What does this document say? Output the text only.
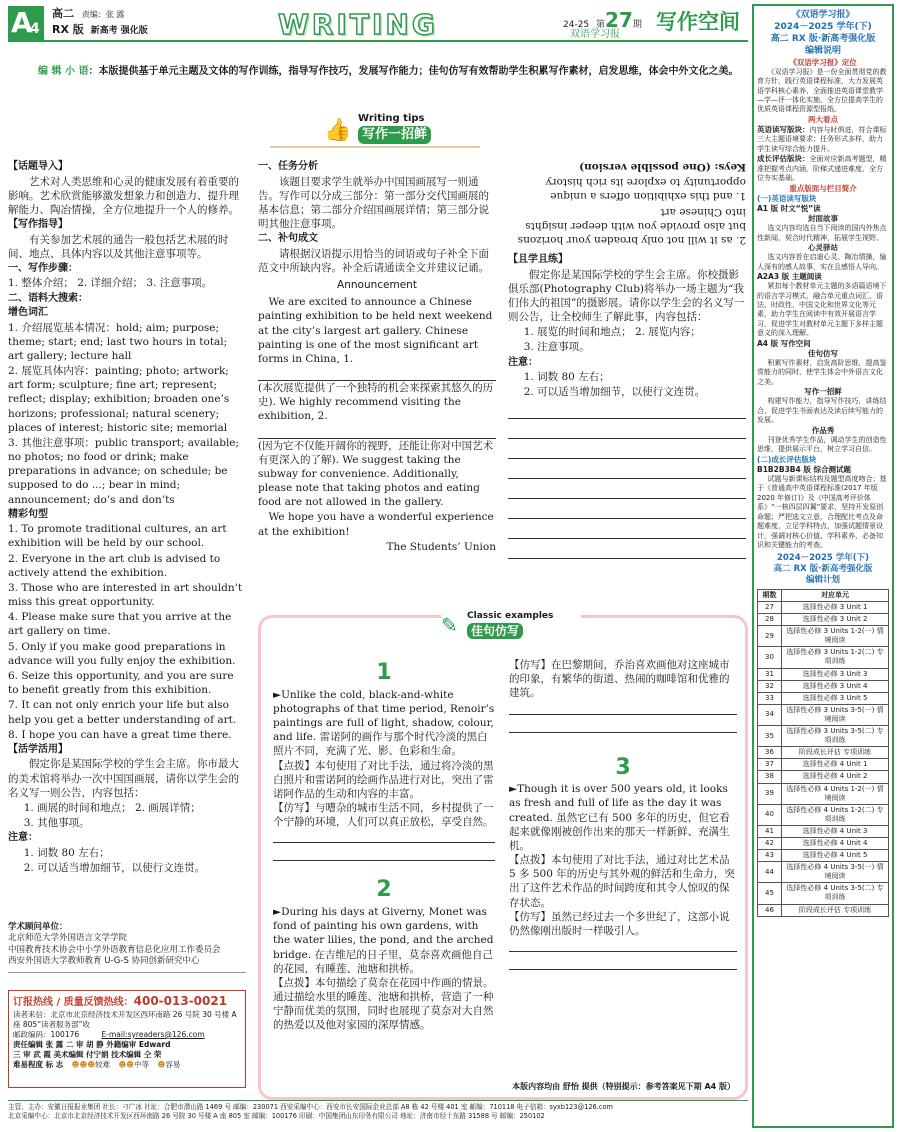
A
4
高二 责编：张 露
RX 版 新高考 强化版	WRITING	24-25 第27期
双语学习报
写作空间
编 辑 小 语：本版提供基于单元主题及文体的写作训练，指导写作技巧，发展写作能力；佳句仿写有效帮助学生积累写作素材，启发思维，体会中外文化之美。
👍 Writing tips
写作一招鲜

【话题导入】

艺术对人类思维和心灵的健康发展有着重要的影响。艺术欣赏能够激发想象力和创造力、提升理解能力、陶冶情操，全方位地提升一个人的修养。

【写作指导】

有关参加艺术展的通告一般包括艺术展的时间、地点、具体内容以及其他注意事项等。

一、写作步骤：

1. 整体介绍； 2. 详细介绍； 3. 注意事项。

二、语料大搜索：

增色词汇

1. 介绍展览基本情况：hold; aim; purpose; theme; start; end; last two hours in total; art gallery; lecture hall

2. 展览具体内容：painting; photo; artwork; art form; sculpture; fine art; represent; reflect; display; exhibition; broaden one’s horizons; professional; natural scenery; places of interest; historic site; memorial

3. 其他注意事项：public transport; available; no photos; no food or drink; make preparations in advance; on schedule; be supposed to do ...; bear in mind; announcement; do’s and don’ts

精彩句型

1. To promote traditional cultures, an art exhibition will be held by our school.

2. Everyone in the art club is advised to actively attend the exhibition.

3. Those who are interested in art shouldn’t miss this great opportunity.

4. Please make sure that you arrive at the art gallery on time.

5. Only if you make good preparations in advance will you fully enjoy the exhibition.

6. Seize this opportunity, and you are sure to benefit greatly from this exhibition.

7. It can not only enrich your life but also help you get a better understanding of art.

8. I hope you can have a great time there.

【活学活用】

假定你是某国际学校的学生会主席。你市最大的美术馆将举办一次中国国画展，请你以学生会的名义写一则公告，内容包括：

1. 画展的时间和地点； 2. 画展详情；

3. 其他事项。

注意：

1. 词数 80 左右；

2. 可以适当增加细节，以使行文连贯。

一、任务分析

该题目要求学生就举办中国国画展写一则通告。写作可以分成三部分：第一部分交代国画展的基本信息；第二部分介绍国画展详情；第三部分说明其他注意事项。

二、补句成文

请根据汉语提示用恰当的词语或句子补全下面范文中所缺内容。补全后请通读全文并建议记诵。

Announcement

We are excited to announce a Chinese painting exhibition to be held next weekend at the city’s largest art gallery. Chinese painting is one of the most significant art forms in China, 1.

(本次展览提供了一个独特的机会来探索其悠久的历史). We highly recommend visiting the exhibition, 2.

(因为它不仅能开阔你的视野，还能让你对中国艺术有更深入的了解). We suggest taking the subway for convenience. Additionally, please note that taking photos and eating food are not allowed in the gallery.

We hope you have a wonderful experience at the exhibition!

The Students’ Union

2. as it will not only broaden your horizons but also provide you with deeper insights into Chinese art

1. and this exhibition offers a unique opportunity to explore its rich history

Keys: (One possible version)

【且学且练】

假定你是某国际学校的学生会主席。你校摄影俱乐部(Photography Club)将举办一场主题为“我们伟大的祖国”的摄影展。请你以学生会的名义写一则公告，让全校师生了解此事，内容包括：

1. 展览的时间和地点； 2. 展览内容；

3. 注意事项。

注意：

1. 词数 80 左右；

2. 可以适当增加细节，以使行文连贯。

学术顾问单位：

北京师范大学外国语言文学学院

中国教育技术协会中小学外语教育信息化应用工作委员会

西安外国语大学教师教育 U-G-S 协同创新研究中心

订报热线 / 质量反馈热线：400-013-0021

读者来信：北京市北京经济技术开发区西环南路 26 号院 30 号楼 A 座 805“读者服务部”收

邮政编码：100176	E-mail:syreaders@126.com

责任编辑 张 露 二 审 胡 静 外籍编审 Edward

三 审 武 霞 美术编辑 付宁娟 技术编辑 仝 荣

难易程度 标 志 ☻☻☻较难 ☻☻中等 ☻容易

✎ Classic examples
佳句仿写
1

►Unlike the cold, black-and-white photographs of that time period, Renoir’s paintings are full of light, shadow, colour, and life. 雷诺阿的画作与那个时代冷淡的黑白照片不同，充满了光、影、色彩和生命。

【点拨】本句使用了对比手法，通过将冷淡的黑白照片和雷诺阿的绘画作品进行对比，突出了雷诺阿作品的生动和内容的丰富。

【仿写】与嘈杂的城市生活不同，乡村提供了一个宁静的环境，人们可以真正放松，享受自然。

2

►During his days at Giverny, Monet was fond of painting his own gardens, with the water lilies, the pond, and the arched bridge. 在吉维尼的日子里，莫奈喜欢画他自己的花园，有睡莲、池塘和拱桥。

【点拨】本句描绘了莫奈在花园中作画的情景。通过描绘水里的睡莲、池塘和拱桥，营造了一种宁静而优美的氛围，同时也展现了莫奈对大自然的热爱以及他对家园的深厚情感。

【仿写】在巴黎期间，乔治喜欢画他对这座城市的印象，有繁华的街道、热闹的咖啡馆和优雅的建筑。

3

►Though it is over 500 years old, it looks as fresh and full of life as the day it was created. 虽然它已有 500 多年的历史，但它看起来就像刚被创作出来的那天一样新鲜、充满生机。

【点拨】本句使用了对比手法，通过对比艺术品 5 多 500 年的历史与其外观的鲜活和生命力，突出了这件艺术作品的时间跨度和其令人惊叹的保存状态。

【仿写】虽然已经过去一个多世纪了，这部小说仍然像刚出版时一样吸引人。

本版内容均由 舒怡 提供（特别提示：参考答案见下期 A4 版）

主管、主办：安徽日报报业集团 社长：刁广冰 社址：合肥市潜山路 1469 号 邮编：230071 西安采编中心：西安市长安国际企业总部 A8 栋 42 号楼 401 室 邮编：710118 电子信箱：syxb123@126.com

北京采编中心：北京市北京经济技术开发区西环南路 26 号院 30 号楼 A 座 805 室 邮编：100176 印刷：中国集团山东印务有限公司 地址：济南市经十东路 31588 号 邮编：250102

《双语学习报》

2024－2025 学年(下)

高二 RX 版·新高考强化版

编辑说明

《双语学习报》定位

《双语学习报》是一份全面贯彻党的教育方针，践行英语课程标准，大力发展英语学科核心素养、全面推进英语课堂教学—学—评一体化实施、全方位提高学生的优质英语课程资源型报纸。

两大看点

英语读写版块：内容与时俱进，符合课标三大主题语境要求；任务形式多样，助力学生读写综合能力提升。

成长评估版块：全面对应新高考题型，精准把握考点内涵，阶梯式递进难度，全方位夯实基础。

重点版面与栏目简介

(一)英语读写版块

A1 版 时文“悦”读

封面故事

选文内容均选自当下阅读的国内外焦点性新闻，契合时代精神，拓展学生视野。

心灵驿站

选文内容旨在启迪心灵、陶冶情操，愉人深有的感人故事，实在且感悟人导向。

A2A3 版 主题阅读

紧扣每个教材单元主题的多语篇语境下的语言学习模式，融合单元重点词汇、语法、时政性、中国文化和世界文化等元素，助力学生在阅读中有效开展语言学习，促进学生对教材单元主题下多样主题意义的深入理解。

A4 版 写作空间

佳句仿写

积累写作素材，启发高阶思维，提高鉴赏能力的同时，使学生体会中外语言文化之美。

写作一招鲜

构建写作能力，指导写作技巧，讲练结合，促进学生书面表达及读后续写能力的发展。

作品秀

刊登优秀学生作品，调动学生的创造性思维，提供展示平台，树立学习自信。

(二)成长评估版块

B1B2B3B4 版 综合测试题

试题与新课标结构及题型高度吻合；基于《普通高中英语课程标准(2017 年版 2020 年修订)》及《中国高考评价体系》“一核四层四翼”要求，坚持开发原创命题；严把选文立意，合理配比考点及命题难度，立足学科特点，加强试题情景设计，强调对核心价值、学科素养、必备知识和关键能力的考查。

2024－2025 学年(下)

高二 RX 版·新高考强化版

编辑计划

期数	对应单元
27	选择性必修 3 Unit 1
28	选择性必修 3 Unit 2
29	选择性必修 3 Units 1-2(一) 情境阅读
30	选择性必修 3 Units 1-2(二) 专项训练
31	选择性必修 3 Unit 3
32	选择性必修 3 Unit 4
33	选择性必修 3 Unit 5
34	选择性必修 3 Units 3-5(一) 情境阅读
35	选择性必修 3 Units 3-5(二) 专项训练
36	阶段成长评估 专项训练
37	选择性必修 4 Unit 1
38	选择性必修 4 Unit 2
39	选择性必修 4 Units 1-2(一) 情境阅读
40	选择性必修 4 Units 1-2(二) 专项训练
41	选择性必修 4 Unit 3
42	选择性必修 4 Unit 4
43	选择性必修 4 Unit 5
44	选择性必修 4 Units 3-5(一) 情境阅读
45	选择性必修 4 Units 3-5(二) 专项训练
46	阶段成长评估 专项训练
